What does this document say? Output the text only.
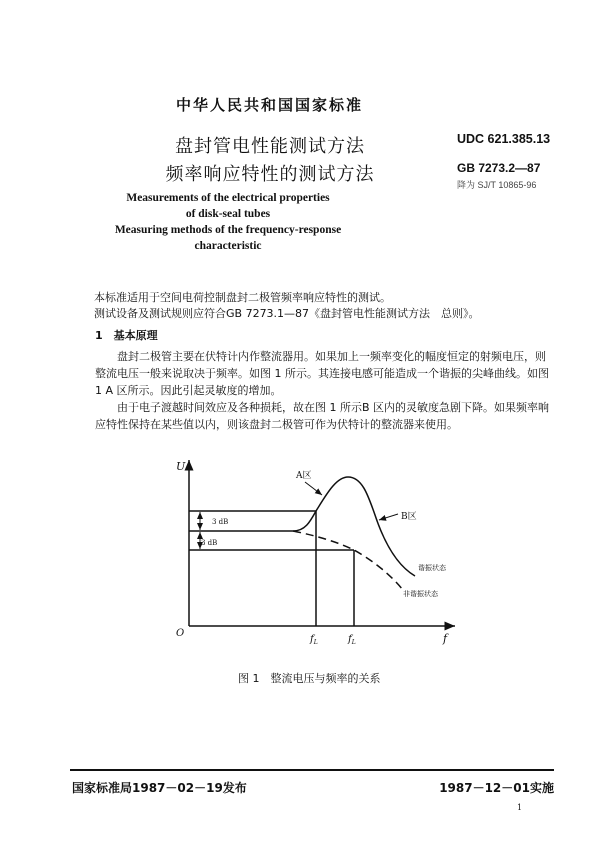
中华人民共和国国家标准
盘封管电性能测试方法
频率响应特性的测试方法
Measurements of the electrical properties
of disk-seal tubes
Measuring methods of the frequency-response
characteristic
UDC 621.385.13
GB 7273.2—87
降为 SJ/T 10865-96
本标准适用于空间电荷控制盘封二极管频率响应特性的测试。
测试设备及测试规则应符合GB 7273.1—87《盘封管电性能测试方法　总则》。
1　基本原理
盘封二极管主要在伏特计内作整流器用。如果加上一频率变化的幅度恒定的射频电压，则整流电压一般来说取决于频率。如图 1 所示。其连接电感可能造成一个谐振的尖峰曲线。如图 1 A 区所示。因此引起灵敏度的增加。
由于电子渡越时间效应及各种损耗，故在图 1 所示B 区内的灵敏度急剧下降。如果频率响应特性保持在某些值以内，则该盘封二极管可作为伏特计的整流器来使用。
U
f
O
A区
B区
3 dB
3 dB
谐振状态
非谐振状态
$f_L$	$f_L$
图 1　整流电压与频率的关系
国家标准局1987－02－19发布	1987－12－01实施
1
